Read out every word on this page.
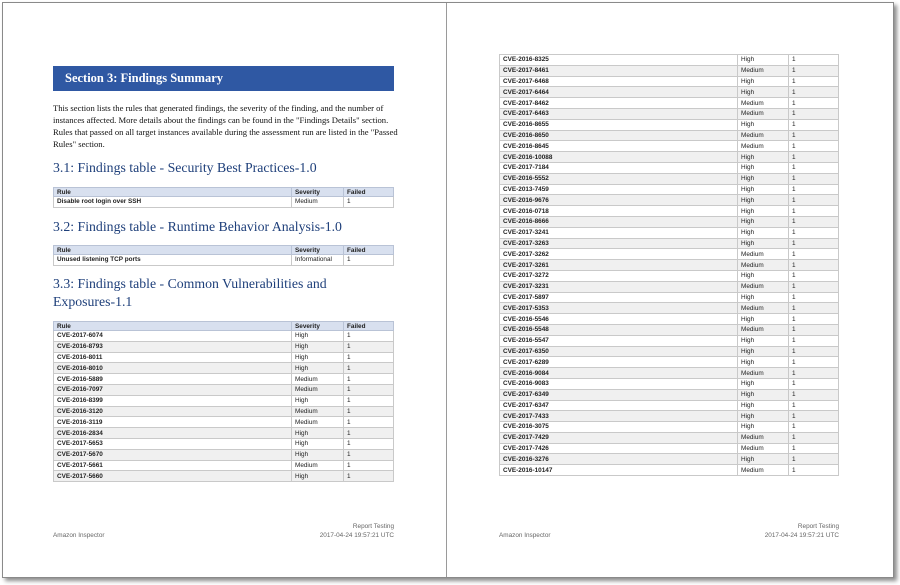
Section 3: Findings Summary
This section lists the rules that generated findings, the severity of the finding, and the number of instances affected. More details about the findings can be found in the "Findings Details" section. Rules that passed on all target instances available during the assessment run are listed in the "Passed Rules" section.
3.1: Findings table - Security Best Practices-1.0
Rule	Severity	Failed
Disable root login over SSH	Medium	1
3.2: Findings table - Runtime Behavior Analysis-1.0
Rule	Severity	Failed
Unused listening TCP ports	Informational	1
3.3: Findings table - Common Vulnerabilities and Exposures-1.1
Rule	Severity	Failed
CVE-2017-6074	High	1
CVE-2016-8793	High	1
CVE-2016-8011	High	1
CVE-2016-8010	High	1
CVE-2016-5889	Medium	1
CVE-2016-7097	Medium	1
CVE-2016-8399	High	1
CVE-2016-3120	Medium	1
CVE-2016-3119	Medium	1
CVE-2016-2834	High	1
CVE-2017-5653	High	1
CVE-2017-5670	High	1
CVE-2017-5661	Medium	1
CVE-2017-5660	High	1
Amazon Inspector
Report Testing
2017-04-24 19:57:21 UTC
CVE-2016-8325	High	1
CVE-2017-8461	Medium	1
CVE-2017-6468	High	1
CVE-2017-6464	High	1
CVE-2017-8462	Medium	1
CVE-2017-6463	Medium	1
CVE-2016-8655	High	1
CVE-2016-8650	Medium	1
CVE-2016-8645	Medium	1
CVE-2016-10088	High	1
CVE-2017-7184	High	1
CVE-2016-5552	High	1
CVE-2013-7459	High	1
CVE-2016-9676	High	1
CVE-2016-0718	High	1
CVE-2016-8666	High	1
CVE-2017-3241	High	1
CVE-2017-3263	High	1
CVE-2017-3262	Medium	1
CVE-2017-3261	Medium	1
CVE-2017-3272	High	1
CVE-2017-3231	Medium	1
CVE-2017-5897	High	1
CVE-2017-5353	Medium	1
CVE-2016-5546	High	1
CVE-2016-5548	Medium	1
CVE-2016-5547	High	1
CVE-2017-6350	High	1
CVE-2017-6289	High	1
CVE-2016-9084	Medium	1
CVE-2016-9083	High	1
CVE-2017-6349	High	1
CVE-2017-6347	High	1
CVE-2017-7433	High	1
CVE-2016-3075	High	1
CVE-2017-7429	Medium	1
CVE-2017-7426	Medium	1
CVE-2016-3276	High	1
CVE-2016-10147	Medium	1
Amazon Inspector
Report Testing
2017-04-24 19:57:21 UTC
